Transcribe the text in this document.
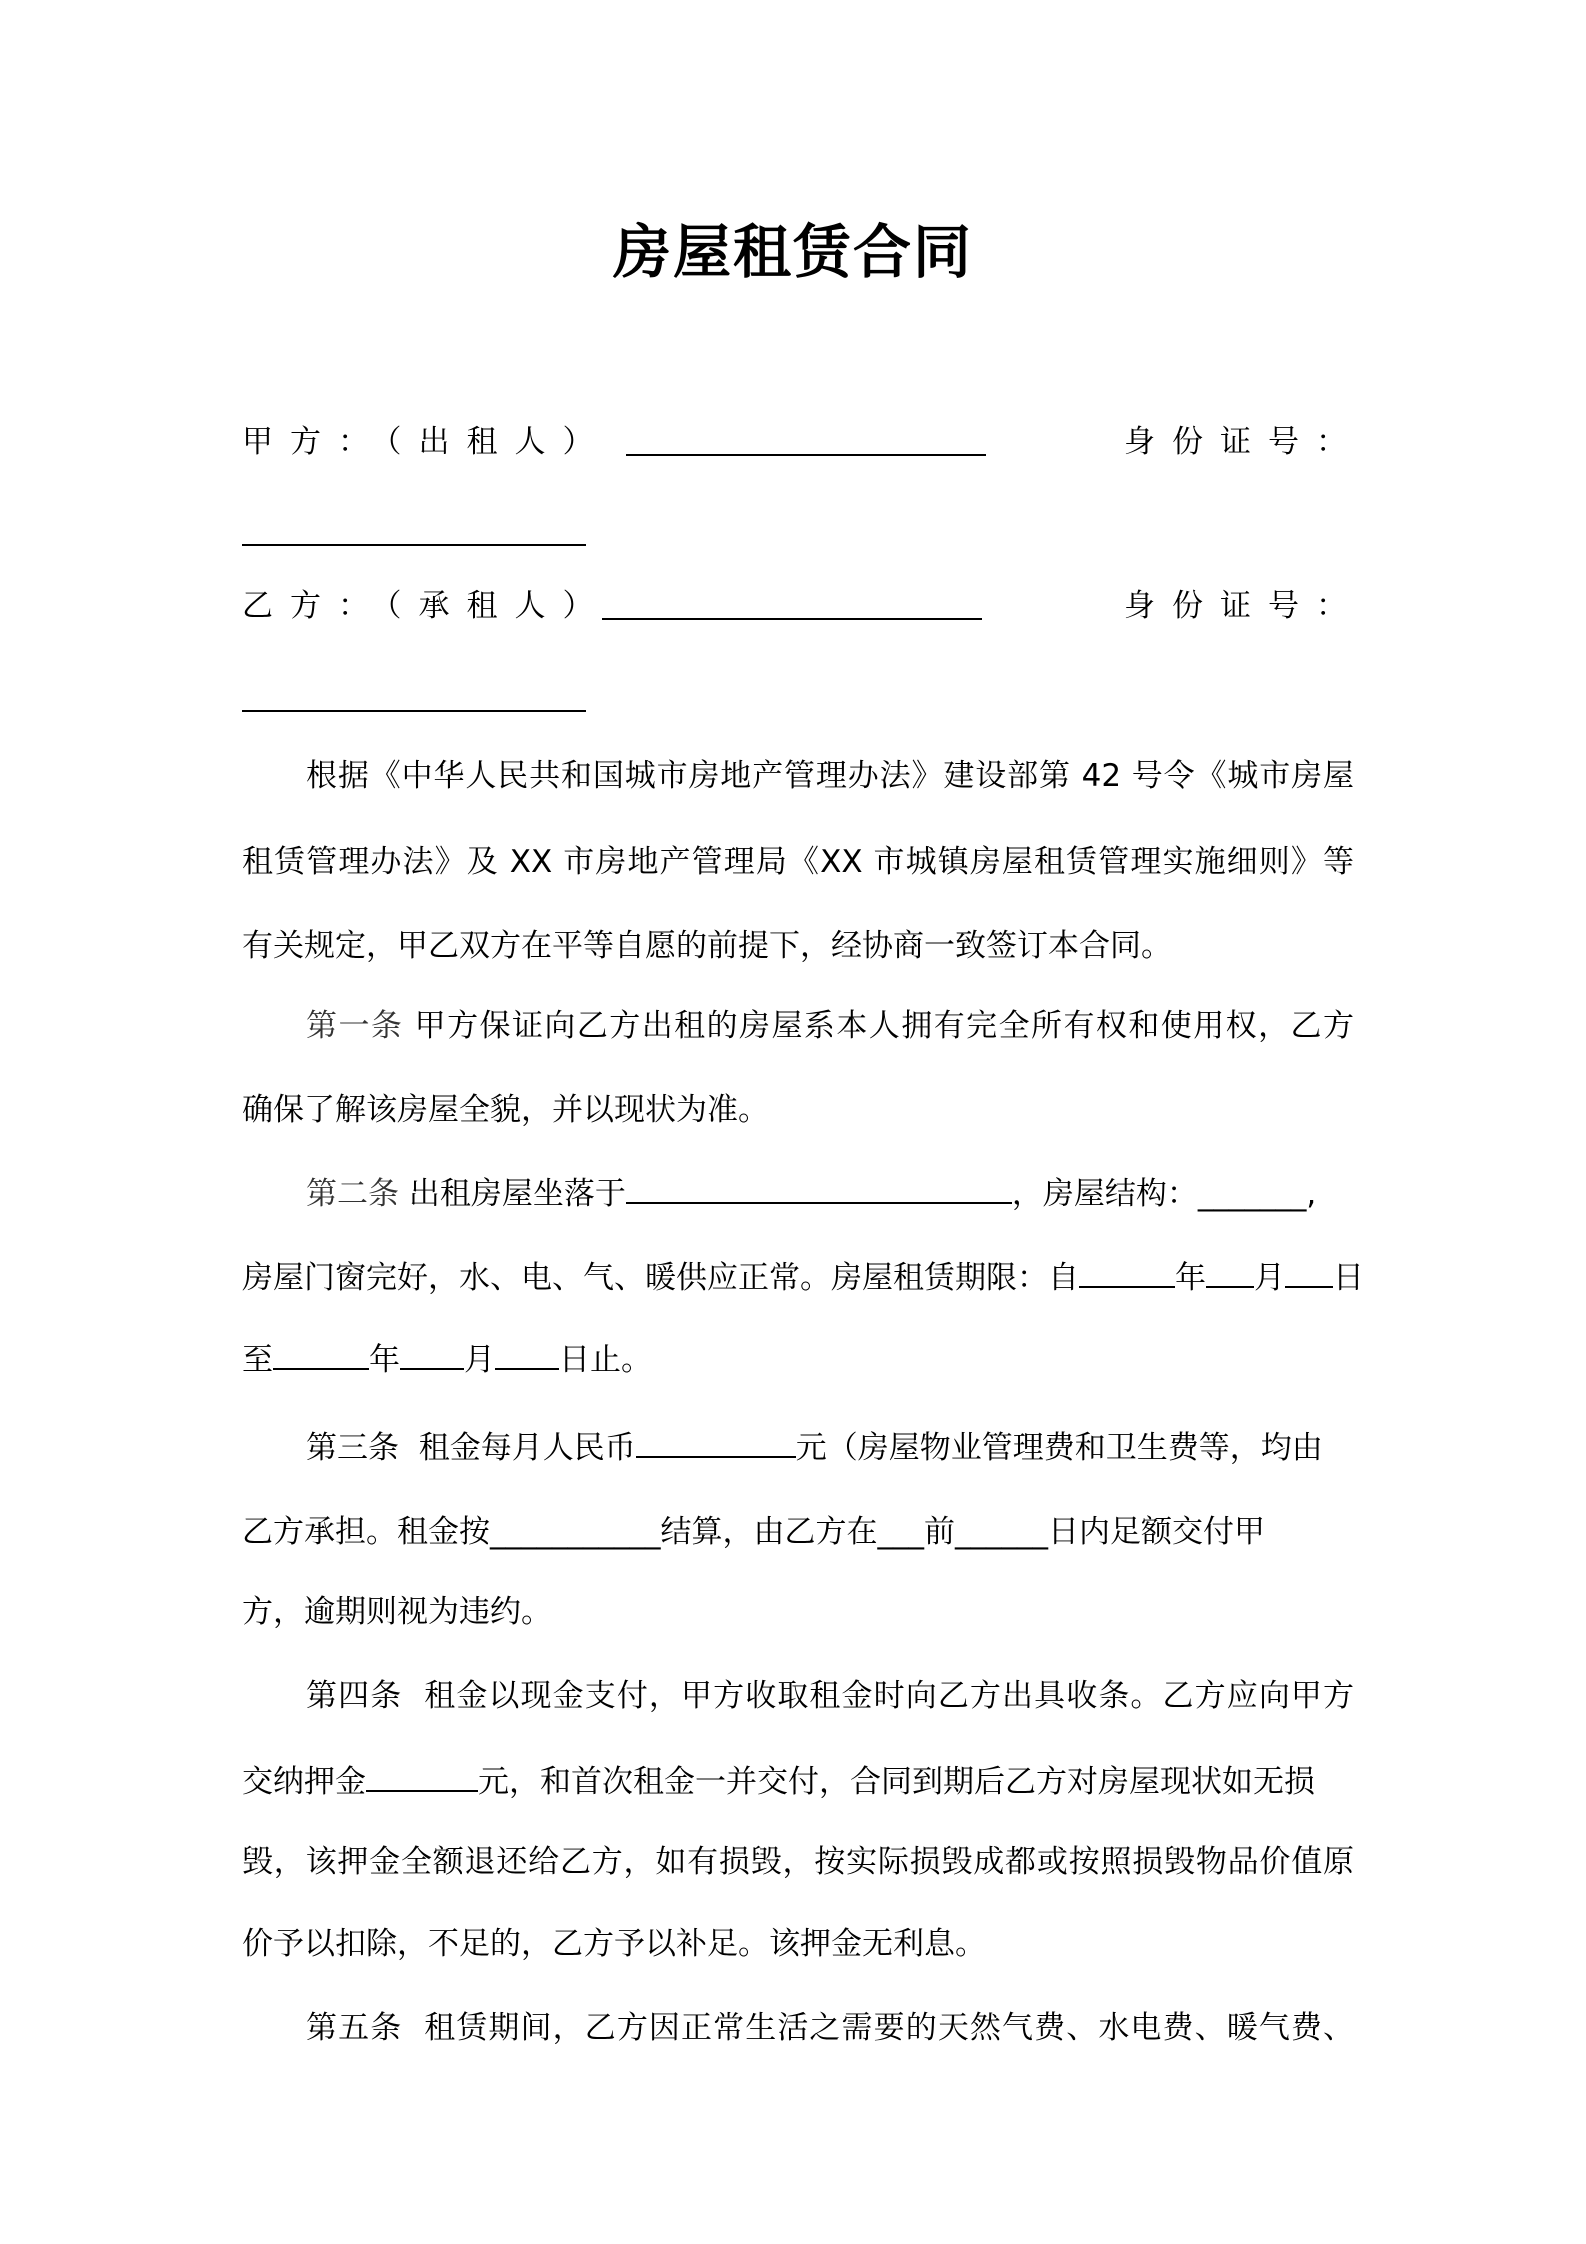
房屋租赁合同
甲方：（出租人）	身份证号：
乙方：（承租人）	身份证号：
根据《中华人民共和国城市房地产管理办法》建设部第 42 号令《城市房屋
租赁管理办法》及 XX 市房地产管理局《XX 市城镇房屋租赁管理实施细则》等
有关规定，甲乙双方在平等自愿的前提下，经协商一致签订本合同。
第一条 甲方保证向乙方出租的房屋系本人拥有完全所有权和使用权，乙方
确保了解该房屋全貌，并以现状为准。
第二条 出租房屋坐落于	，房屋结构：_______,
房屋门窗完好，水、电、气、暖供应正常。房屋租赁期限：自	年 月 日
至	年 月 日止。
第三条 租金每月人民币	元（房屋物业管理费和卫生费等，均由
乙方承担。租金按___________结算，由乙方在___前______日内足额交付甲
方，逾期则视为违约。
第四条 租金以现金支付，甲方收取租金时向乙方出具收条。乙方应向甲方
交纳押金	元，和首次租金一并交付，合同到期后乙方对房屋现状如无损
毁，该押金全额退还给乙方，如有损毁，按实际损毁成都或按照损毁物品价值原
价予以扣除，不足的，乙方予以补足。该押金无利息。
第五条 租赁期间，乙方因正常生活之需要的天然气费、水电费、暖气费、
